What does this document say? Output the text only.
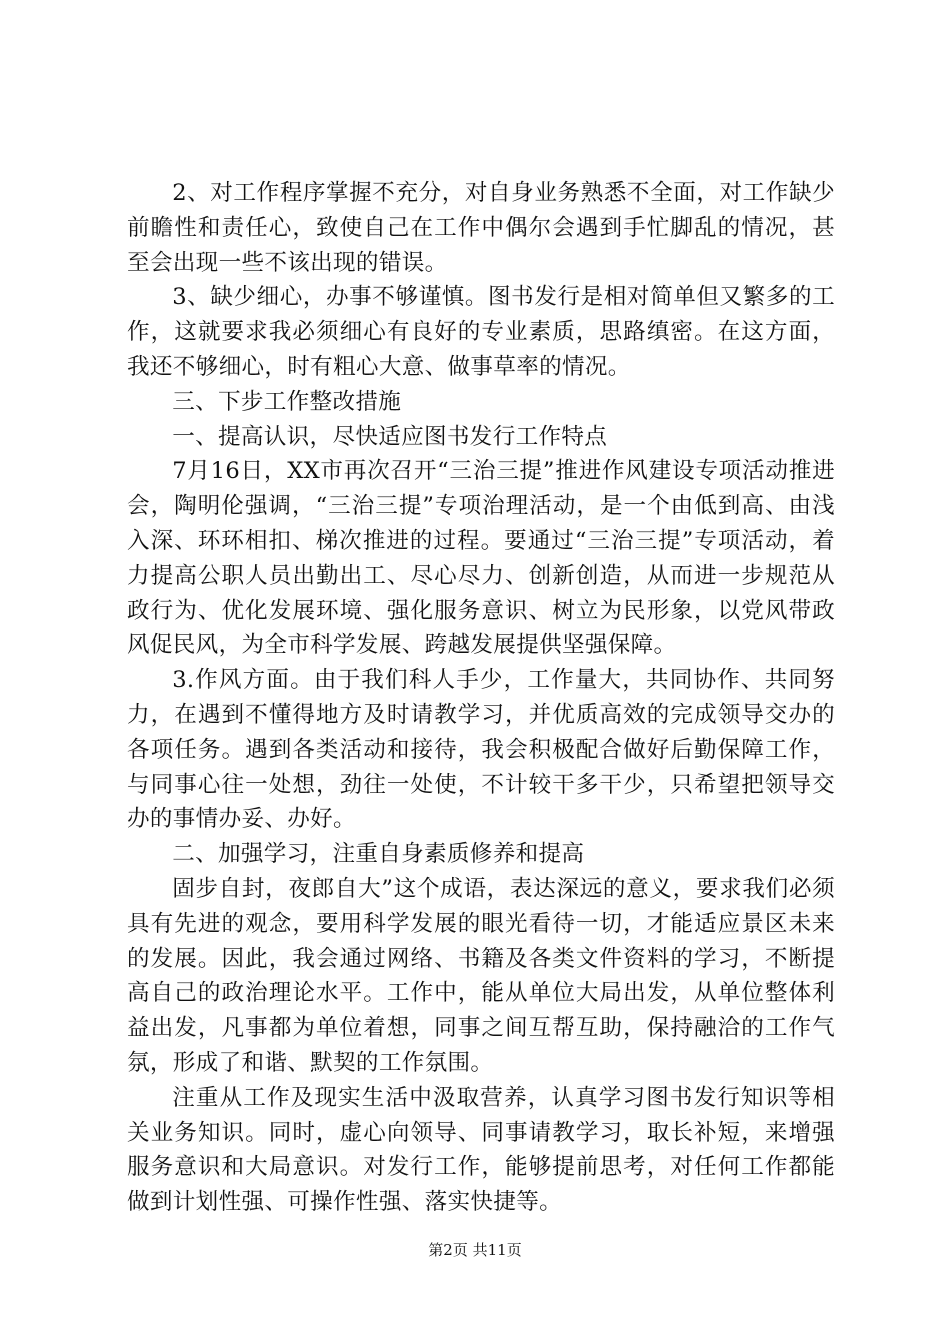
2、对工作程序掌握不充分，对自身业务熟悉不全面，对工作缺少前瞻性和责任心，致使自己在工作中偶尔会遇到手忙脚乱的情况，甚至会出现一些不该出现的错误。

3、缺少细心，办事不够谨慎。图书发行是相对简单但又繁多的工作，这就要求我必须细心有良好的专业素质，思路缜密。在这方面，我还不够细心，时有粗心大意、做事草率的情况。

三、下步工作整改措施

一、提高认识，尽快适应图书发行工作特点

7月16日，XX市再次召开“三治三提”推进作风建设专项活动推进会，陶明伦强调，“三治三提”专项治理活动，是一个由低到高、由浅入深、环环相扣、梯次推进的过程。要通过“三治三提”专项活动，着力提高公职人员出勤出工、尽心尽力、创新创造，从而进一步规范从政行为、优化发展环境、强化服务意识、树立为民形象，以党风带政风促民风，为全市科学发展、跨越发展提供坚强保障。

3.作风方面。由于我们科人手少，工作量大，共同协作、共同努力，在遇到不懂得地方及时请教学习，并优质高效的完成领导交办的各项任务。遇到各类活动和接待，我会积极配合做好后勤保障工作，与同事心往一处想，劲往一处使，不计较干多干少，只希望把领导交办的事情办妥、办好。

二、加强学习，注重自身素质修养和提高

固步自封，夜郎自大”这个成语，表达深远的意义，要求我们必须具有先进的观念，要用科学发展的眼光看待一切，才能适应景区未来的发展。因此，我会通过网络、书籍及各类文件资料的学习，不断提高自己的政治理论水平。工作中，能从单位大局出发，从单位整体利益出发，凡事都为单位着想，同事之间互帮互助，保持融洽的工作气氛，形成了和谐、默契的工作氛围。

注重从工作及现实生活中汲取营养，认真学习图书发行知识等相关业务知识。同时，虚心向领导、同事请教学习，取长补短，来增强服务意识和大局意识。对发行工作，能够提前思考，对任何工作都能做到计划性强、可操作性强、落实快捷等。

第2页 共11页
